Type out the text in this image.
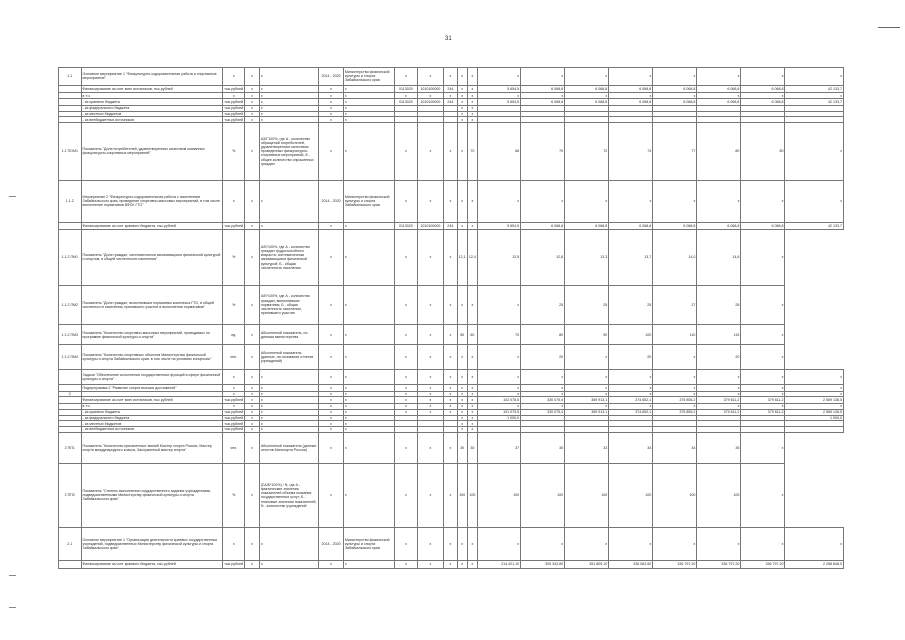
31
1.1	Основное мероприятие 1 "Физкультурно-оздоровительная работа и спортивные мероприятия"	x	x	x	2014 - 2020	Министерство физической культуры и спорта Забайкальского края	x	x	x	x	x	x	x	x	x	x	x	x	x
	Финансирование за счет всех источников, тыс.рублей	тыс.рублей	x	x	x	x	0113020	1010100000	244	x	x	5 654,5	6 068,8	6 068,8	6 068,8	6 068,8	6 068,8	6 068,8	42 133,7
	в т.ч.	x	x	x	x	x	x	x	x	x	x	x	x	x	x	x	x	x	x
	- из краевого бюджета	тыс.рублей	x	x	x	x	0113020	1010100000	244	x	x	5 654,5	6 068,8	6 068,8	6 068,8	6 068,8	6 068,8	6 068,8	42 133,7
	- из федерального бюджета	тыс.рублей	x	x	x	x				x	x								
	- из местных бюджетов	тыс.рублей	x	x	x	x				x	x								
	- из внебюджетных источников	тыс.рублей	x	x	x	x				x	x								
1.1 ПОМ1	Показатель "Доля потребителей, удовлетворенных качеством оказанных физкультурно-спортивных мероприятий"	%	x	АЗ/Г100%, где А - количество обращений потребителей, удовлетворенных качеством проведенных физкультурно-спортивных мероприятий; Б - общее количество опрошенных граждан	x	x	x	x	x	x	70	68	70	72	74	77	80	80	x
1.1.2	Мероприятие 2 "Физкультурно-оздоровительная работа с населением Забайкальского края, проведение спортивно-массовых мероприятий, в том числе выполнение нормативов ВФСК ГТО"	x	x	x	2014 - 2020	Министерство физической культуры и спорта Забайкальского края	x	x	x	x	x	x	x	x	x	x	x	x	x
	Финансирование за счет краевого бюджета, тыс.рублей	тыс.рублей	x	x	x	x	0113020	1010100000	244	x	x	5 654,5	6 068,8	6 068,8	6 068,8	6 068,8	6 068,8	6 068,8	42 133,7
1.1.2 ПМ1	Показатель "Доля граждан, систематически занимающихся физической культурой и спортом, в общей численности населения"	%	x	А/Б*100%, где А - количество граждан трудоспособного возраста, систематически занимающихся физической культурой; Б - общая численность населения	x	x	x	x	x	12,1	12,4	12,5	12,8	13,3	13,7	14,0	14,6	x	
1.1.2 ПМ2	Показатель "Доля граждан, выполнивших нормативы комплекса ГТО, в общей численности населения, принявшего участие в выполнении нормативов"	%	x	А/Б*100%, где А - количество граждан, выполнивших нормативы; Б - общая численность населения, принявшего участие	x	x	x	x	x	x	x	x	25	25	25	27	28	x	
1.1.2 ПМ3	Показатель "Количество спортивно-массовых мероприятий, проводимых по программе физической культуры и спорта"	ед.	x	Абсолютный показатель, по данным министерства	x	x	x	x	x	50	60	70	80	90	100	110	115	x	
1.1.2 ПМ4	Показатель "Количество спортивных объектов Министерства физической культуры и спорта Забайкальского края, в том числе на условиях концессии"	чел.	x	Абсолютный показатель (данные, на основании отчетов учреждений)	x	x	x	x	x	x	x	x	20	x	20	x	20	x	
	Задача "Обеспечение исполнения государственных функций в сфере физической культуры и спорта"	x	x	x	x	x	x	x	x	x	x	x	x	x	x	x	x	x	x
	Подпрограмма 2 "Развитие спорта высших достижений"	x	x	x	x	x	x	x	x	x	x	x	x	x	x	x	x	x	x
2		x	x	x	x	x	x	x	x	x	x	x	x	x	x	x	x	x	x
	Финансирование за счет всех источников, тыс.рублей	тыс.рублей	x	x	x	x	x	x	x	x	x	102 075,5	330 075,4	369 913,1	374 652,1	375 855,2	379 611,2	379 611,2	2 569 138,5
	в т.ч.	x	x	x	x	x	x	x	x	x	x	x	x	x	x	x	x	x	x
	- из краевого бюджета	тыс.рублей	x	x	x	x	x	x	x	x	x	101 075,5	330 075,4	369 913,1	374 652,1	375 855,2	379 611,2	379 611,2	2 569 138,5
	- из федерального бюджета	тыс.рублей	x	x	x	x				x	x	1 000,0							1 000,0
	- из местных бюджетов	тыс.рублей	x	x	x	x				x	x								
	- из внебюджетных источников	тыс.рублей	x	x	x	x				x	x								
2 ПП1	Показатель "Количество присвоенных званий Мастер спорта России, Мастер спорта международного класса, Заслуженный мастер спорта"	чел.	x	Абсолютный показатель (данные отчетов Минспорта России)	x	x	x	x	x	30	30	37	35	33	34	34	35	x	
2 ПП2	Показатель "Степень выполнения государственного задания учреждениями, подведомственными Министерству физической культуры и спорта Забайкальского края"	%	x	(ΣA/Б*100%) / N, где А - фактические значения показателей объема оказания государственных услуг; Б - плановые значения показателей; N - количество учреждений	x	x	x	x	x	100	100	100	100	100	100	100	100	x	
2.1	Основное мероприятие 1 "Организация деятельности краевых государственных учреждений, подведомственных Министерству физической культуры и спорта Забайкальского края"	x	x	x	2014 - 2020	Министерство физической культуры и спорта Забайкальского края	x	x	x	x	x	x	x	x	x	x	x	x	x
	Финансирование за счет краевого бюджета, тыс.рублей	тыс.рублей	x	x	x	x	x	x	x	x	x	214 421,10	305 343,80	351 809,10	336 062,60	336 797,20	336 797,20	336 797,20	2 288 848,0
